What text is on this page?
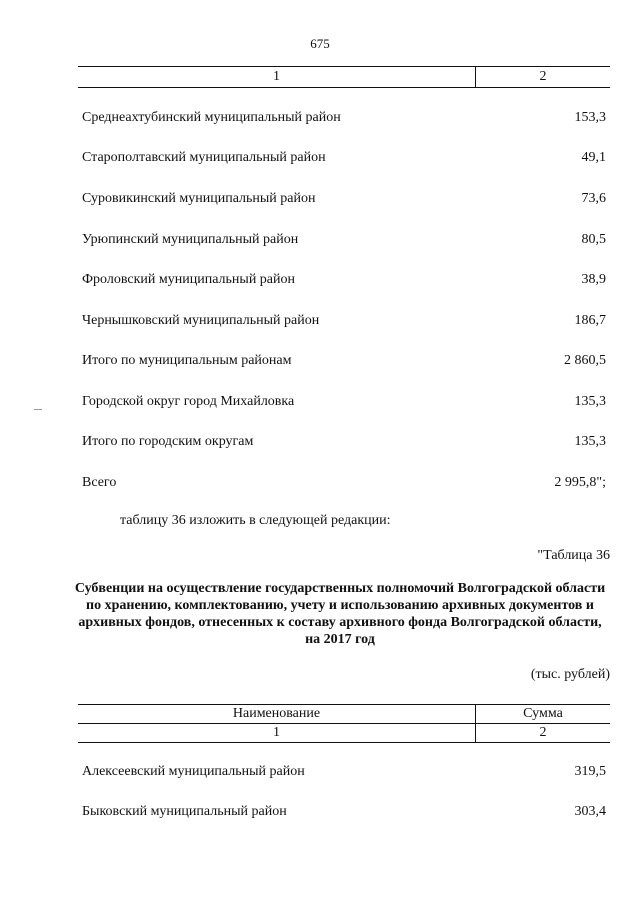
675
1	2
Среднеахтубинский муниципальный район	153,3
Старополтавский муниципальный район	49,1
Суровикинский муниципальный район	73,6
Урюпинский муниципальный район	80,5
Фроловский муниципальный район	38,9
Чернышковский муниципальный район	186,7
Итого по муниципальным районам	2 860,5
Городской округ город Михайловка	135,3
Итого по городским округам	135,3
Всего	2 995,8";
таблицу 36 изложить в следующей редакции:
"Таблица 36
Субвенции на осуществление государственных полномочий Волгоградской области по хранению, комплектованию, учету и использованию архивных документов и архивных фондов, отнесенных к составу архивного фонда Волгоградской области, на 2017 год
(тыс. рублей)
Наименование	Сумма
1	2
Алексеевский муниципальный район	319,5
Быковский муниципальный район	303,4
